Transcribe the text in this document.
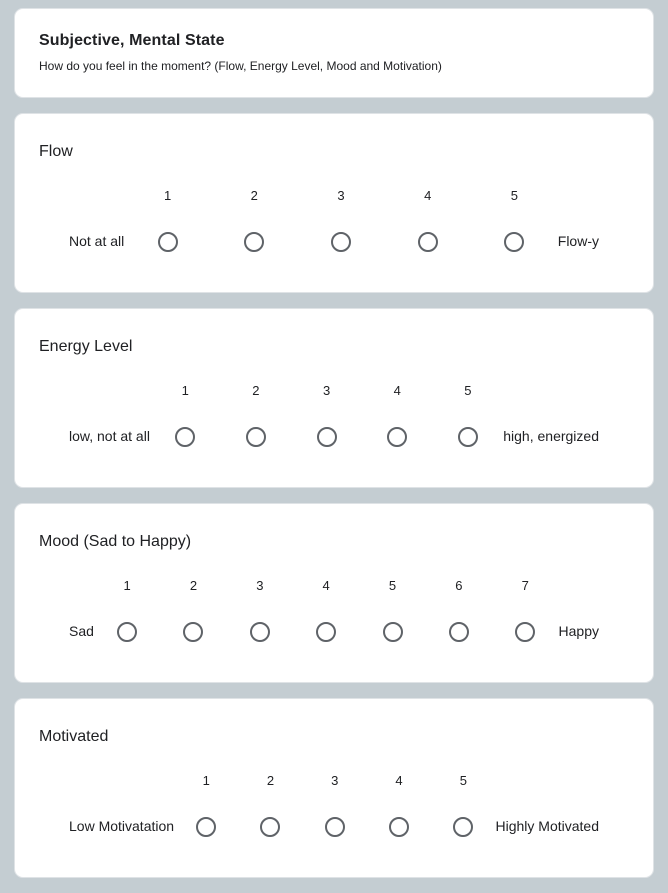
Subjective, Mental State

How do you feel in the moment? (Flow, Energy Level, Mood and Motivation)

Flow
Not at all
1	2	3	4	5
Flow-y
Energy Level
low, not at all
1	2	3	4	5
high, energized
Mood (Sad to Happy)
Sad
1	2	3	4	5	6	7
Happy
Motivated
Low Motivatation
1	2	3	4	5
Highly Motivated
